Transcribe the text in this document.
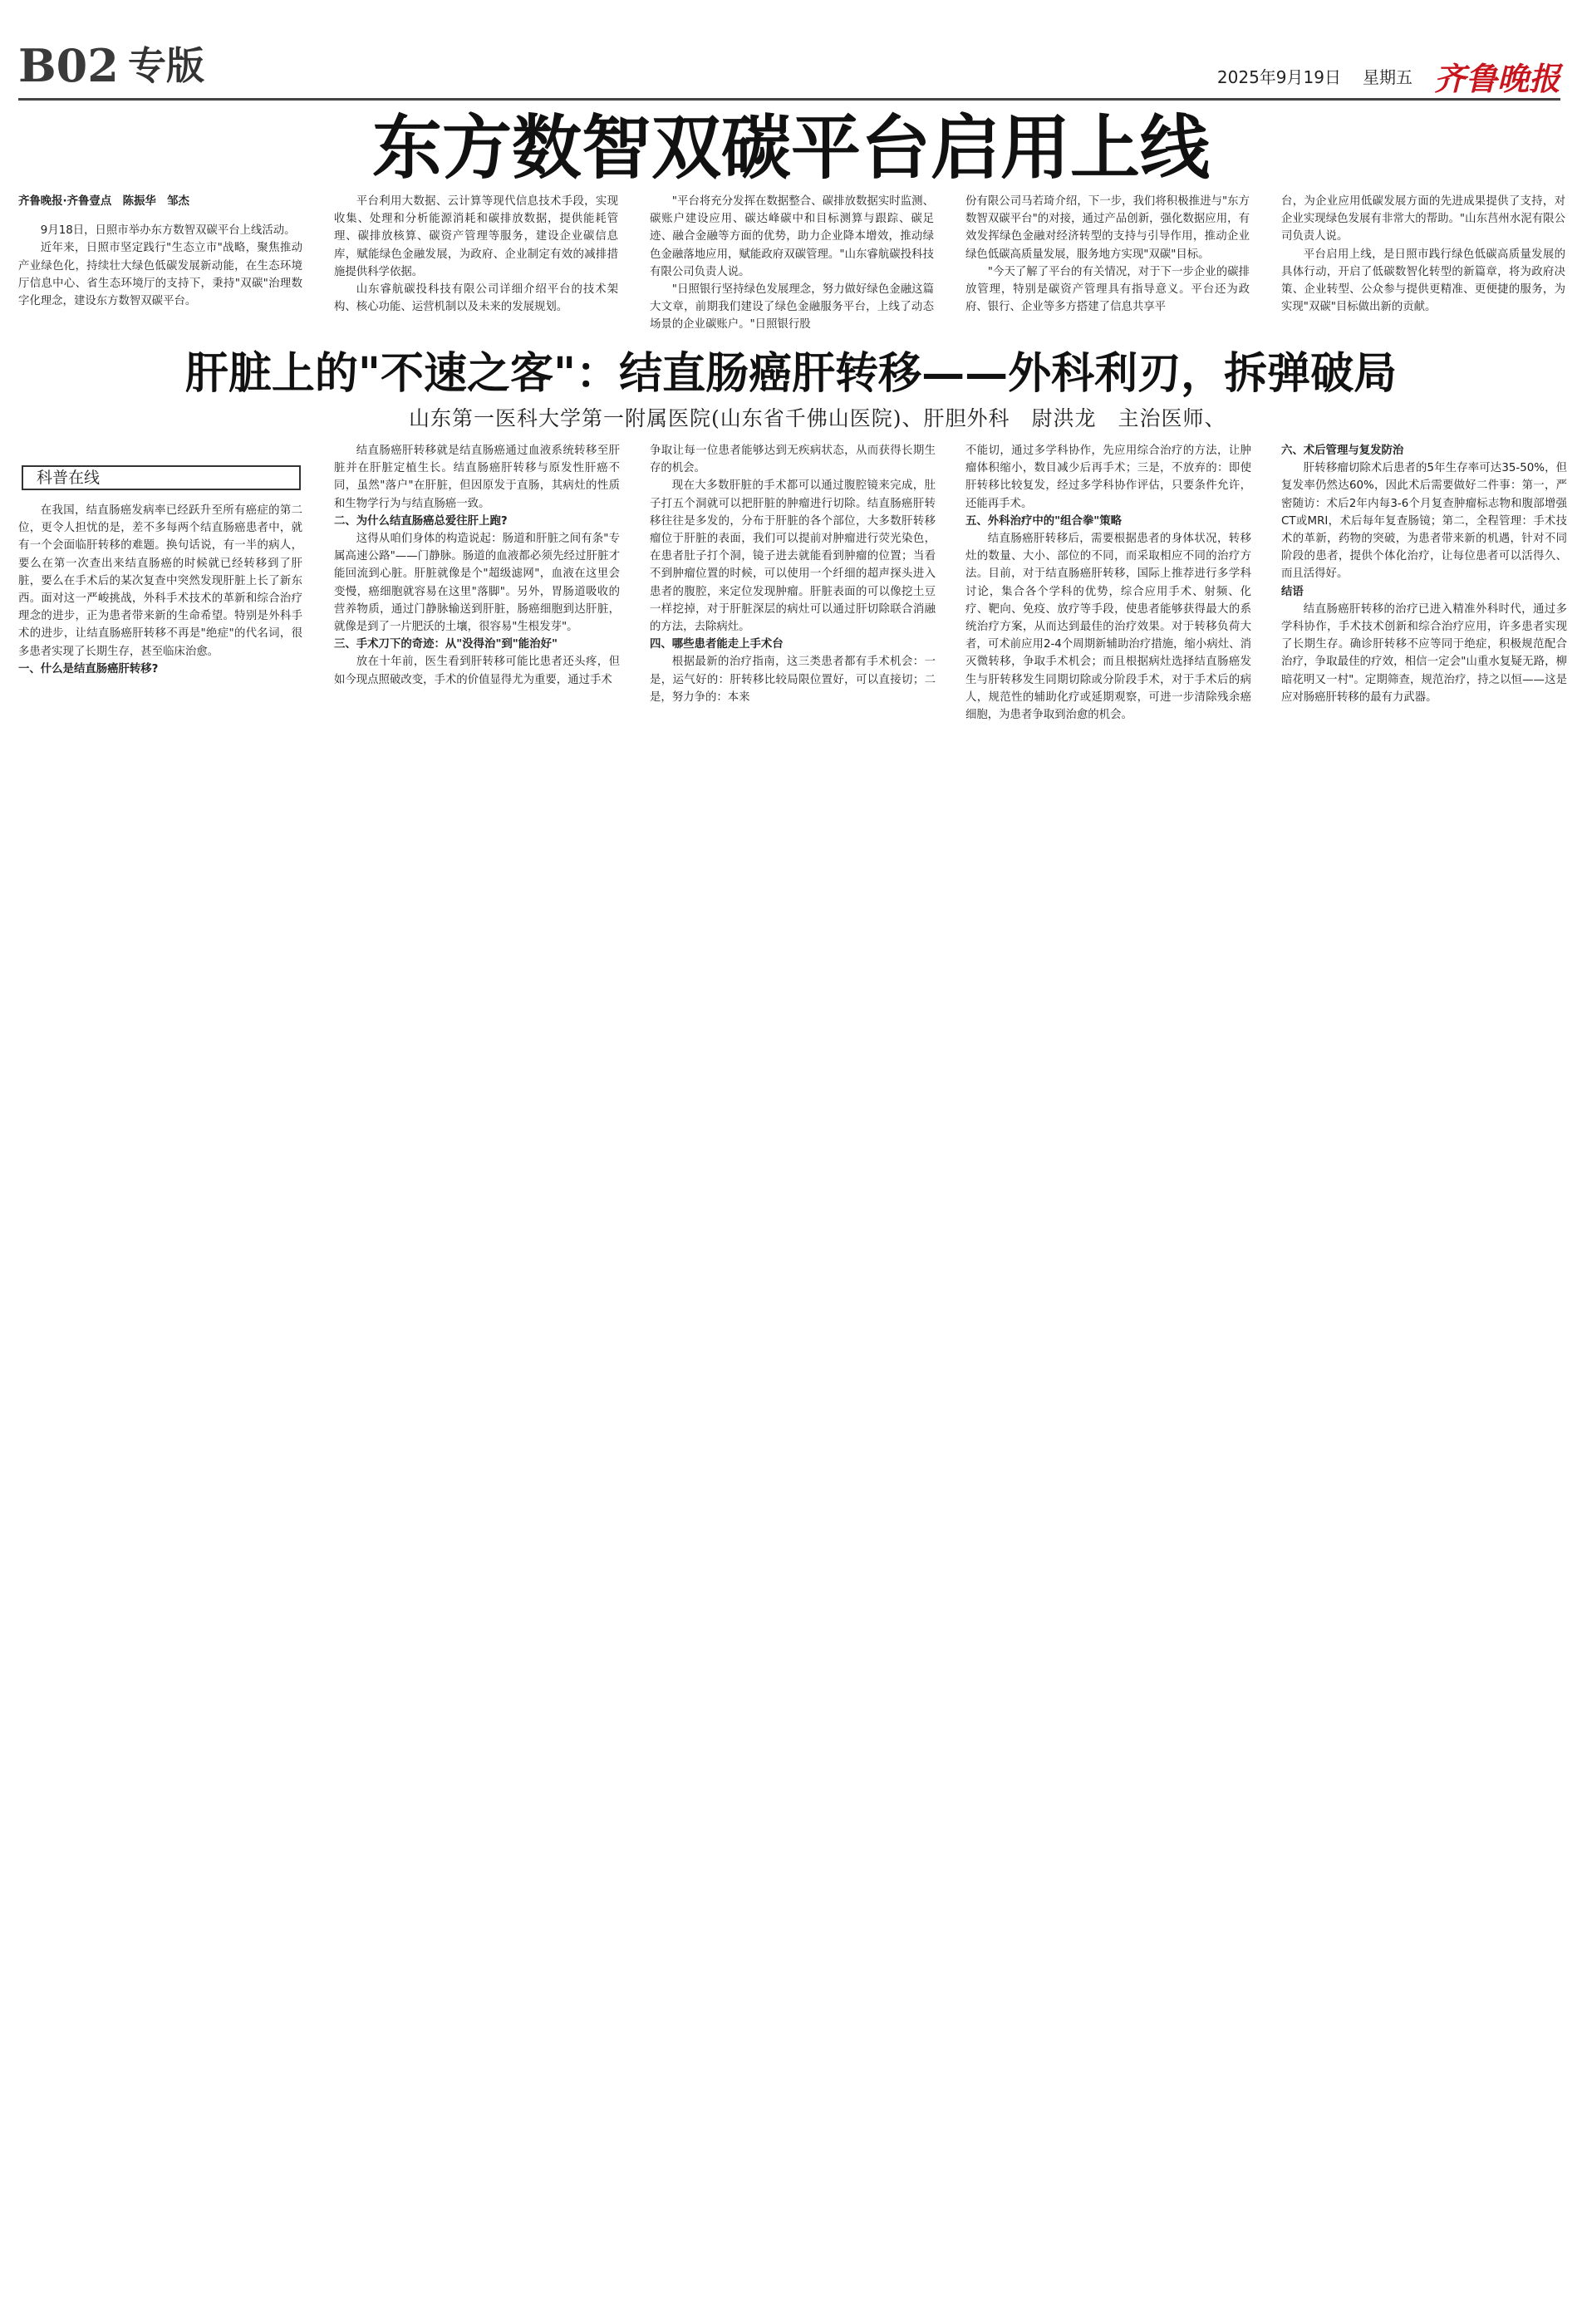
B02 专版	2025年9月19日 星期五 齐鲁晚报
东方数智双碳平台启用上线

齐鲁晚报·齐鲁壹点　陈振华　邹杰

9月18日，日照市举办东方数智双碳平台上线活动。

近年来，日照市坚定践行"生态立市"战略，聚焦推动产业绿色化，持续壮大绿色低碳发展新动能，在生态环境厅信息中心、省生态环境厅的支持下，秉持"双碳"治理数字化理念，建设东方数智双碳平台。

平台利用大数据、云计算等现代信息技术手段，实现收集、处理和分析能源消耗和碳排放数据，提供能耗管理、碳排放核算、碳资产管理等服务，建设企业碳信息库，赋能绿色金融发展，为政府、企业制定有效的减排措施提供科学依据。

山东睿航碳投科技有限公司详细介绍平台的技术架构、核心功能、运营机制以及未来的发展规划。

"平台将充分发挥在数据整合、碳排放数据实时监测、碳账户建设应用、碳达峰碳中和目标测算与跟踪、碳足迹、融合金融等方面的优势，助力企业降本增效，推动绿色金融落地应用，赋能政府双碳管理。"山东睿航碳投科技有限公司负责人说。

"日照银行坚持绿色发展理念，努力做好绿色金融这篇大文章，前期我们建设了绿色金融服务平台，上线了动态场景的企业碳账户。"日照银行股

份有限公司马若琦介绍，下一步，我们将积极推进与"东方数智双碳平台"的对接，通过产品创新，强化数据应用，有效发挥绿色金融对经济转型的支持与引导作用，推动企业绿色低碳高质量发展，服务地方实现"双碳"目标。

"今天了解了平台的有关情况，对于下一步企业的碳排放管理，特别是碳资产管理具有指导意义。平台还为政府、银行、企业等多方搭建了信息共享平

台，为企业应用低碳发展方面的先进成果提供了支持，对企业实现绿色发展有非常大的帮助。"山东莒州水泥有限公司负责人说。

平台启用上线，是日照市践行绿色低碳高质量发展的具体行动，开启了低碳数智化转型的新篇章，将为政府决策、企业转型、公众参与提供更精准、更便捷的服务，为实现"双碳"目标做出新的贡献。

肝脏上的"不速之客"：结直肠癌肝转移——外科利刃，拆弹破局
山东第一医科大学第一附属医院(山东省千佛山医院)、肝胆外科　尉洪龙　主治医师、
科普在线

在我国，结直肠癌发病率已经跃升至所有癌症的第二位，更令人担忧的是，差不多每两个结直肠癌患者中，就有一个会面临肝转移的难题。换句话说，有一半的病人，要么在第一次查出来结直肠癌的时候就已经转移到了肝脏，要么在手术后的某次复查中突然发现肝脏上长了新东西。面对这一严峻挑战，外科手术技术的革新和综合治疗理念的进步，正为患者带来新的生命希望。特别是外科手术的进步，让结直肠癌肝转移不再是"绝症"的代名词，很多患者实现了长期生存，甚至临床治愈。

一、什么是结直肠癌肝转移?

结直肠癌肝转移就是结直肠癌通过血液系统转移至肝脏并在肝脏定植生长。结直肠癌肝转移与原发性肝癌不同，虽然"落户"在肝脏，但因原发于直肠，其病灶的性质和生物学行为与结直肠癌一致。

二、为什么结直肠癌总爱往肝上跑?

这得从咱们身体的构造说起：肠道和肝脏之间有条"专属高速公路"——门静脉。肠道的血液都必须先经过肝脏才能回流到心脏。肝脏就像是个"超级滤网"，血液在这里会变慢，癌细胞就容易在这里"落脚"。另外，胃肠道吸收的营养物质，通过门静脉输送到肝脏，肠癌细胞到达肝脏，就像是到了一片肥沃的土壤，很容易"生根发芽"。

三、手术刀下的奇迹：从"没得治"到"能治好"

放在十年前，医生看到肝转移可能比患者还头疼，但如今现点照破改变，手术的价值显得尤为重要，通过手术

争取让每一位患者能够达到无疾病状态，从而获得长期生存的机会。

现在大多数肝脏的手术都可以通过腹腔镜来完成，肚子打五个洞就可以把肝脏的肿瘤进行切除。结直肠癌肝转移往往是多发的，分布于肝脏的各个部位，大多数肝转移瘤位于肝脏的表面，我们可以提前对肿瘤进行荧光染色，在患者肚子打个洞，镜子进去就能看到肿瘤的位置；当看不到肿瘤位置的时候，可以使用一个纤细的超声探头进入患者的腹腔，来定位发现肿瘤。肝脏表面的可以像挖土豆一样挖掉，对于肝脏深层的病灶可以通过肝切除联合消融的方法，去除病灶。

四、哪些患者能走上手术台

根据最新的治疗指南，这三类患者都有手术机会：一是，运气好的：肝转移比较局限位置好，可以直接切；二是，努力争的：本来

不能切，通过多学科协作，先应用综合治疗的方法，让肿瘤体积缩小，数目减少后再手术；三是，不放弃的：即使肝转移比较复发，经过多学科协作评估，只要条件允许，还能再手术。

五、外科治疗中的"组合拳"策略

结直肠癌肝转移后，需要根据患者的身体状况，转移灶的数量、大小、部位的不同，而采取相应不同的治疗方法。目前，对于结直肠癌肝转移，国际上推荐进行多学科讨论，集合各个学科的优势，综合应用手术、射频、化疗、靶向、免疫、放疗等手段，使患者能够获得最大的系统治疗方案，从而达到最佳的治疗效果。对于转移负荷大者，可术前应用2-4个周期新辅助治疗措施，缩小病灶、消灭微转移，争取手术机会；而且根据病灶选择结直肠癌发生与肝转移发生同期切除或分阶段手术，对于手术后的病人，规范性的辅助化疗或延期观察，可进一步清除残余癌细胞，为患者争取到治愈的机会。

六、术后管理与复发防治

肝转移瘤切除术后患者的5年生存率可达35-50%，但复发率仍然达60%，因此术后需要做好二件事：第一，严密随访：术后2年内每3-6个月复查肿瘤标志物和腹部增强CT或MRI，术后每年复查肠镜；第二，全程管理：手术技术的革新，药物的突破，为患者带来新的机遇，针对不同阶段的患者，提供个体化治疗，让每位患者可以活得久、而且活得好。

结语

结直肠癌肝转移的治疗已进入精准外科时代，通过多学科协作，手术技术创新和综合治疗应用，许多患者实现了长期生存。确诊肝转移不应等同于绝症，积极规范配合治疗，争取最佳的疗效，相信一定会"山重水复疑无路，柳暗花明又一村"。定期筛查，规范治疗，持之以恒——这是应对肠癌肝转移的最有力武器。
